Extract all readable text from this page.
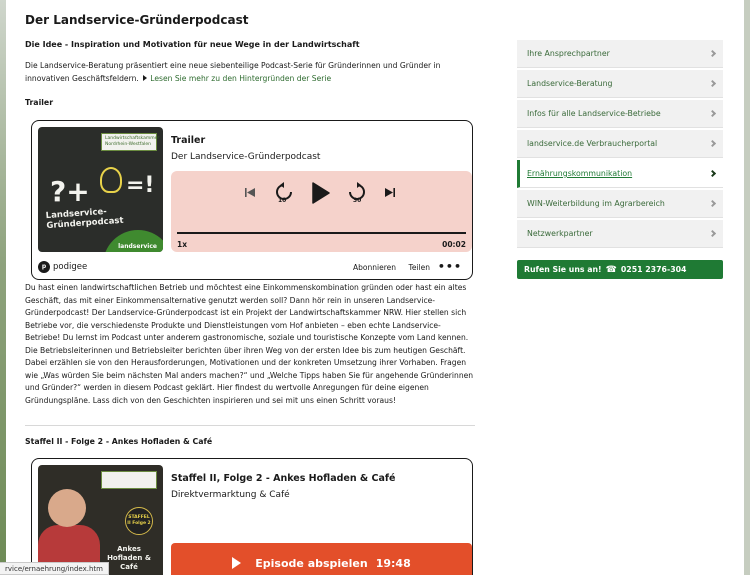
Der Landservice-Gründerpodcast
Die Idee - Inspiration und Motivation für neue Wege in der Landwirtschaft
Die Landservice-Beratung präsentiert eine neue siebenteilige Podcast-Serie für Gründerinnen und Gründer in innovativen Geschäftsfeldern. Lesen Sie mehr zu den Hintergründen der Serie
Trailer
Landwirtschaftskammer Nordrhein-Westfalen
?+ =!
Landservice-Gründerpodcast
landservice
Trailer
Der Landservice-Gründerpodcast
10	30
1x	00:02
p podigee	Abonnieren Teilen •••
Du hast einen landwirtschaftlichen Betrieb und möchtest eine Einkommenskombination gründen oder hast ein altes Geschäft, das mit einer Einkommensalternative genutzt werden soll? Dann hör rein in unseren Landservice-Gründerpodcast! Der Landservice-Gründerpodcast ist ein Projekt der Landwirtschaftskammer NRW. Hier stellen sich Betriebe vor, die verschiedenste Produkte und Dienstleistungen vom Hof anbieten – eben echte Landservice-Betriebe! Du lernst im Podcast unter anderem gastronomische, soziale und touristische Konzepte vom Land kennen. Die Betriebsleiterinnen und Betriebsleiter berichten über ihren Weg von der ersten Idee bis zum heutigen Geschäft. Dabei erzählen sie von den Herausforderungen, Motivationen und der konkreten Umsetzung ihrer Vorhaben. Fragen wie „Was würden Sie beim nächsten Mal anders machen?“ und „Welche Tipps haben Sie für angehende Gründerinnen und Gründer?“ werden in diesem Podcast geklärt. Hier findest du wertvolle Anregungen für deine eigenen Gründungspläne. Lass dich von den Geschichten inspirieren und sei mit uns einen Schritt voraus!
Staffel II - Folge 2 - Ankes Hofladen & Café
STAFFEL II Folge 2
Ankes Hofladen & Café
Staffel II, Folge 2 - Ankes Hofladen & Café
Direktvermarktung & Café
Episode abspielen 19:48
Ihre Ansprechpartner
Landservice-Beratung
Infos für alle Landservice-Betriebe
landservice.de Verbraucherportal
Ernährungskommunikation
WIN-Weiterbildung im Agrarbereich
Netzwerkpartner
Rufen Sie uns an! ☎ 0251 2376-304
rvice/ernaehrung/index.htm
